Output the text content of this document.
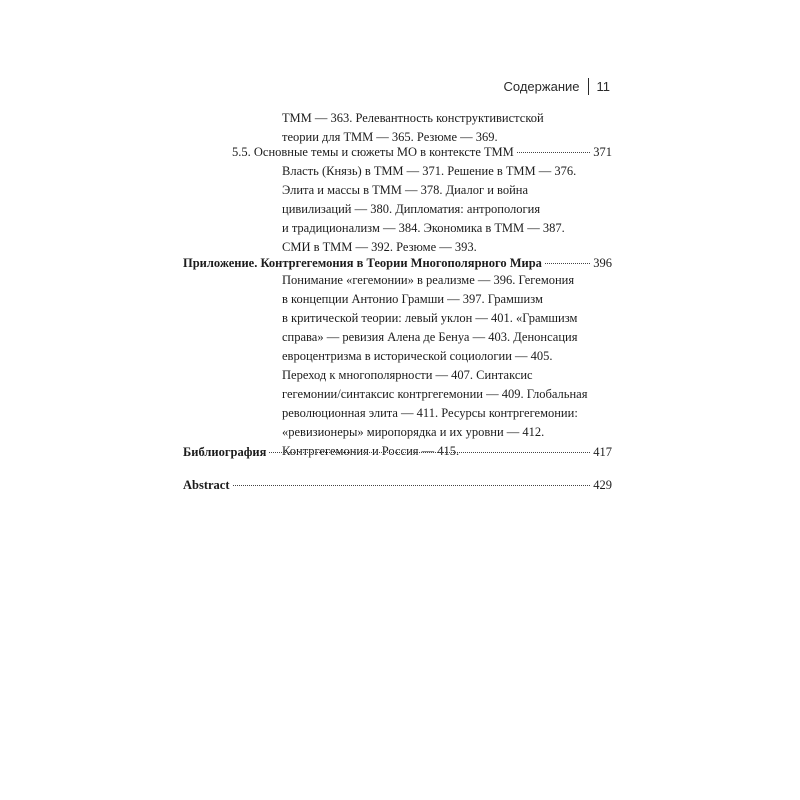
Содержание 11
ТММ — 363. Релевантность конструктивистской
теории для ТММ — 365. Резюме — 369.
5.5. Основные темы и сюжеты МО в контексте ТММ	371
Власть (Князь) в ТММ — 371. Решение в ТММ — 376.
Элита и массы в ТММ — 378. Диалог и война
цивилизаций — 380. Дипломатия: антропология
и традиционализм — 384. Экономика в ТММ — 387.
СМИ в ТММ — 392. Резюме — 393.
Приложение. Контргегемония в Теории Многополярного Мира	396
Понимание «гегемонии» в реализме — 396. Гегемония
в концепции Антонио Грамши — 397. Грамшизм
в критической теории: левый уклон — 401. «Грамшизм
справа» — ревизия Алена де Бенуа — 403. Денонсация
евроцентризма в исторической социологии — 405.
Переход к многополярности — 407. Синтаксис
гегемонии/синтаксис контргегемонии — 409. Глобальная
революционная элита — 411. Ресурсы контргегемонии:
«ревизионеры» миропорядка и их уровни — 412.
Контргегемония и Россия — 415.
Библиография	417
Abstract	429
